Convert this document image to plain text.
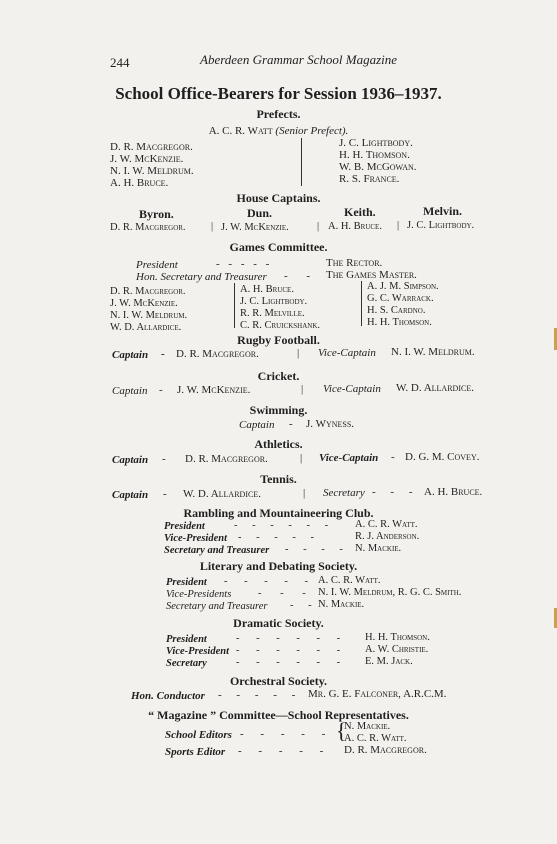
244	Aberdeen Grammar School Magazine
School Office-Bearers for Session 1936–1937.
Prefects.
A. C. R. Watt (Senior Prefect).
D. R. Macgregor.
J. W. McKenzie.
N. I. W. Meldrum.
A. H. Bruce.
J. C. Lightbody.
H. H. Thomson.
W. B. McGowan.
R. S. France.
House Captains.
Byron.	Dun.	Keith.	Melvin.
D. R. Macgregor. | J. W. McKenzie.	| A. H. Bruce. | J. C. Lightbody.
Games Committee.
President	- - - - -	The Rector.
Hon. Secretary and Treasurer - - The Games Master.
D. R. Macgregor.
J. W. McKenzie.
N. I. W. Meldrum.
W. D. Allardice.
A. H. Bruce.
J. C. Lightbody.
R. R. Melville.
C. R. Cruickshank.
A. J. M. Simpson.
G. C. Warrack.
H. S. Cardno.
H. H. Thomson.
Rugby Football.
Captain - D. R. Macgregor.	| Vice-Captain N. I. W. Meldrum.
Cricket.
Captain - J. W. McKenzie.	| Vice-Captain W. D. Allardice.
Swimming.
Captain - J. Wyness.
Athletics.
Captain - D. R. Macgregor.	| Vice-Captain - D. G. M. Covey.
Tennis.
Captain - W. D. Allardice.	| Secretary - - - A. H. Bruce.
Rambling and Mountaineering Club.
President	- - - - - - A. C. R. Watt.
Vice-President - - - - -	R. J. Anderson.
Secretary and Treasurer - - - - N. Mackie.
Literary and Debating Society.
President - - - - - A. C. R. Watt.
Vice-Presidents	- - - N. I. W. Meldrum, R. G. C. Smith.
Secretary and Treasurer - - N. Mackie.
Dramatic Society.
President	- - - - - - H. H. Thomson.
Vice-President - - - - - - A. W. Christie.
Secretary	- - - - - - E. M. Jack.
Orchestral Society.
Hon. Conductor - - - - - Mr. G. E. Falconer, A.R.C.M.
“ Magazine ” Committee—School Representatives.
School Editors - - - - - {
N. Mackie.
A. C. R. Watt.
Sports Editor - - - - - D. R. Macgregor.
